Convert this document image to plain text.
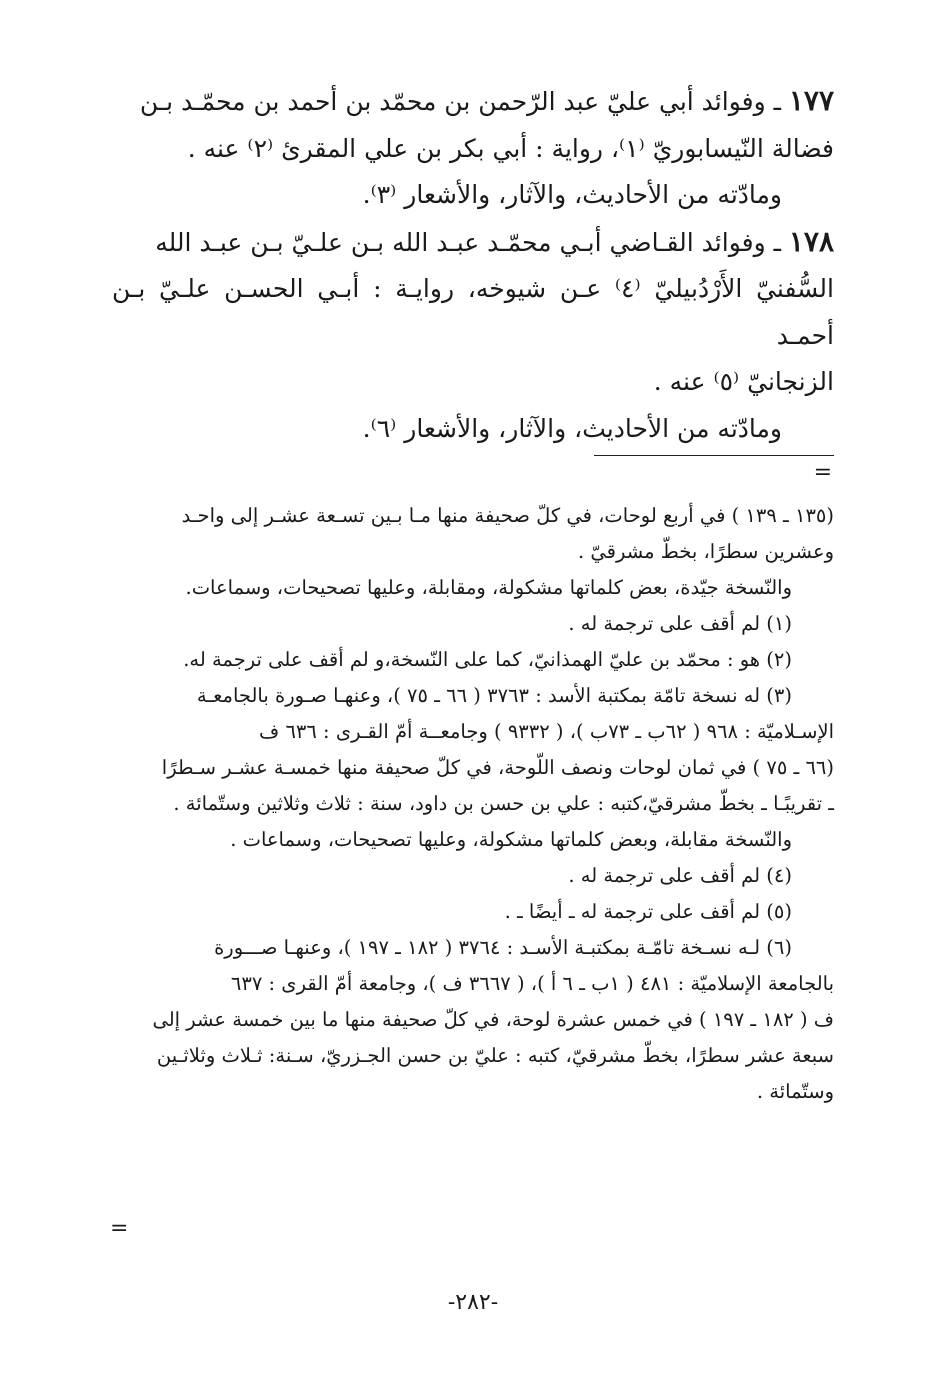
١٧٧ ـ وفوائد أبي عليّ عبد الرّحمن بن محمّد بن أحمد بن محمّـد بـن

فضالة النّيسابوريّ ⁽١⁾، رواية : أبي بكر بن علي المقرئ ⁽٢⁾ عنه .

ومادّته من الأحاديث، والآثار، والأشعار ⁽٣⁾.

١٧٨ ـ وفوائد القـاضي أبـي محمّـد عبـد الله بـن علـيّ بـن عبـد الله

السُّفنيّ الأَرْدُبيليّ ⁽٤⁾ عـن شيوخه، روايـة : أبـي الحسـن علـيّ بـن أحمـد

الزنجانيّ ⁽٥⁾ عنه .

ومادّته من الأحاديث، والآثار، والأشعار ⁽٦⁾.

=

(١٣٥ ـ ١٣٩ ) في أربع لوحات، في كلّ صحيفة منها مـا بـين تسـعة عشـر إلى واحـد

وعشرين سطرًا، بخطّ مشرقيّ .

والنّسخة جيّدة، بعض كلماتها مشكولة، ومقابلة، وعليها تصحيحات، وسماعات.

(١) لم أقف على ترجمة له .

(٢) هو : محمّد بن عليّ الهمذانيّ، كما على النّسخة،و لم أقف على ترجمة له.

(٣) له نسخة تامّة بمكتبة الأسد : ٣٧٦٣ ( ٦٦ ـ ٧٥ )، وعنهـا صـورة بالجامعـة

الإسـلاميّة : ٩٦٨ ( ٦٢ب ـ ٧٣ب )، ( ٩٣٣٢ ) وجامعــة أمّ القـرى : ٦٣٦ ف

(٦٦ ـ ٧٥ ) في ثمان لوحات ونصف اللّوحة، في كلّ صحيفة منها خمسـة عشـر سـطرًا

ـ تقريبًـا ـ بخطّ مشرقيّ،كتبه : علي بن حسن بن داود، سنة : ثلاث وثلاثين وستّمائة .

والنّسخة مقابلة، وبعض كلماتها مشكولة، وعليها تصحيحات، وسماعات .

(٤) لم أقف على ترجمة له .

(٥) لم أقف على ترجمة له ـ أيضًا ـ .

(٦) لـه نسـخة تامّـة بمكتبـة الأسـد : ٣٧٦٤ ( ١٨٢ ـ ١٩٧ )، وعنهـا صـــورة

بالجامعة الإسلاميّة : ٤٨١ ( ١ب ـ ٦ أ )، ( ٣٦٦٧ ف )، وجامعة أمّ القرى : ٦٣٧

ف ( ١٨٢ ـ ١٩٧ ) في خمس عشرة لوحة، في كلّ صحيفة منها ما بين خمسة عشر إلى

سبعة عشر سطرًا، بخطّ مشرقيّ، كتبه : عليّ بن حسن الجـزريّ، سـنة: ثـلاث وثلاثـين

وستّمائة .

=
-٢٨٢-
